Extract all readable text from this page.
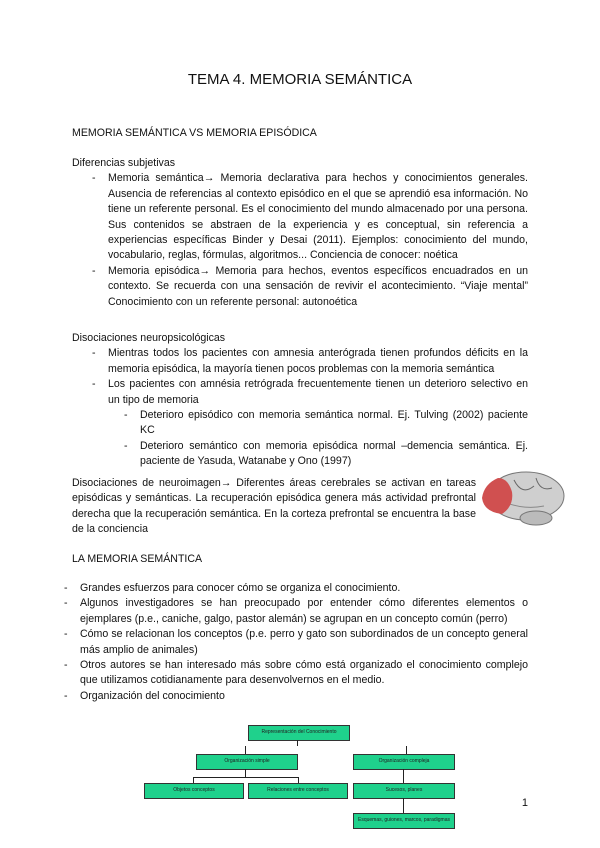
TEMA 4. MEMORIA SEMÁNTICA
MEMORIA SEMÁNTICA VS MEMORIA EPISÓDICA
Diferencias subjetivas
- Memoria semántica→ Memoria declarativa para hechos y conocimientos generales. Ausencia de referencias al contexto episódico en el que se aprendió esa información. No tiene un referente personal. Es el conocimiento del mundo almacenado por una persona. Sus contenidos se abstraen de la experiencia y es conceptual, sin referencia a experiencias específicas Binder y Desai (2011). Ejemplos: conocimiento del mundo, vocabulario, reglas, fórmulas, algoritmos... Conciencia de conocer: noética
- Memoria episódica→ Memoria para hechos, eventos específicos encuadrados en un contexto. Se recuerda con una sensación de revivir el acontecimiento. “Viaje mental” Conocimiento con un referente personal: autonoética
Disociaciones neuropsicológicas
- Mientras todos los pacientes con amnesia anterógrada tienen profundos déficits en la memoria episódica, la mayoría tienen pocos problemas con la memoria semántica
- Los pacientes con amnésia retrógrada frecuentemente tienen un deterioro selectivo en un tipo de memoria
- Deterioro episódico con memoria semántica normal. Ej. Tulving (2002) paciente KC
- Deterioro semántico con memoria episódica normal –demencia semántica. Ej. paciente de Yasuda, Watanabe y Ono (1997)
Disociaciones de neuroimagen→ Diferentes áreas cerebrales se activan en tareas episódicas y semánticas. La recuperación episódica genera más actividad prefrontal derecha que la recuperación semántica. En la corteza prefrontal se encuentra la base de la conciencia
LA MEMORIA SEMÁNTICA
- Grandes esfuerzos para conocer cómo se organiza el conocimiento.
- Algunos investigadores se han preocupado por entender cómo diferentes elementos o ejemplares (p.e., caniche, galgo, pastor alemán) se agrupan en un concepto común (perro)
- Cómo se relacionan los conceptos (p.e. perro y gato son subordinados de un concepto general más amplio de animales)
- Otros autores se han interesado más sobre cómo está organizado el conocimiento complejo que utilizamos cotidianamente para desenvolvernos en el medio.
- Organización del conocimiento
Representación del Conocimiento
Organización simple	Organización compleja
Objetos conceptos	Relaciones entre conceptos	Sucesos, planes
Esquemas, guiones, marcos, paradigmas
1
